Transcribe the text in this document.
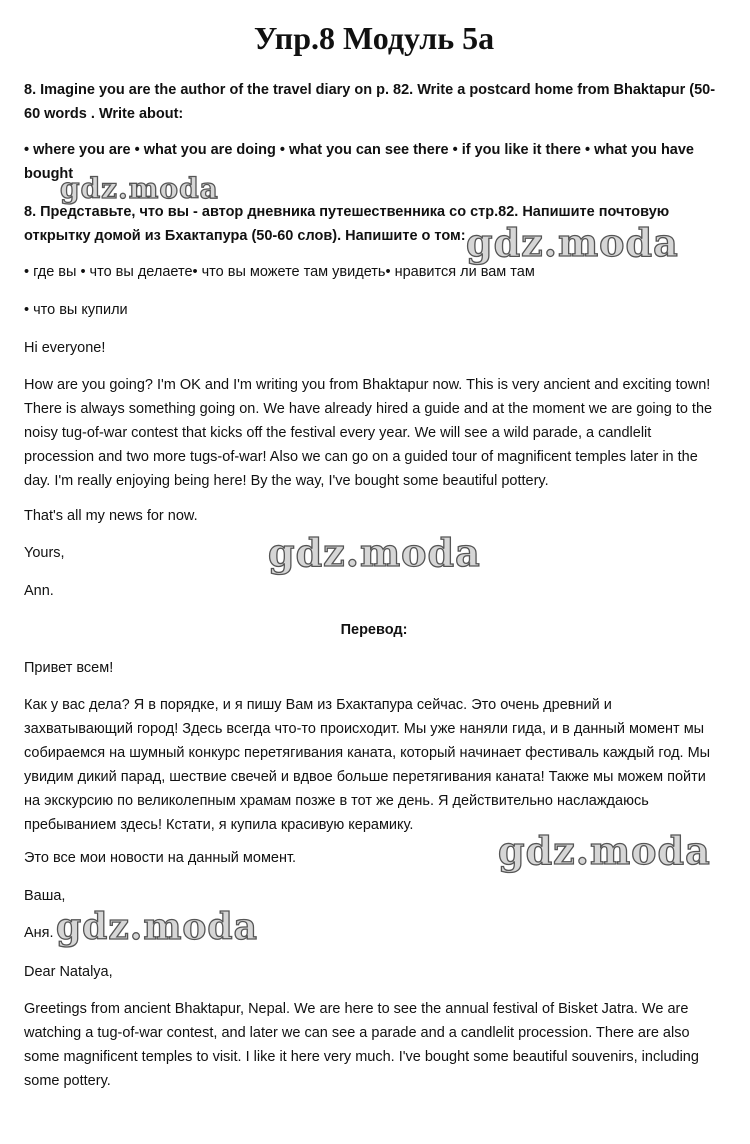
Упр.8 Модуль 5a

8. Imagine you are the author of the travel diary on p. 82. Write a postcard home from Bhaktapur (50-60 words . Write about:

• where you are • what you are doing • what you can see there • if you like it there • what you have bought

8. Представьте, что вы - автор дневника путешественника со стр.82. Напишите почтовую открытку домой из Бхактапура (50-60 слов). Напишите о том:

• где вы • что вы делаете• что вы можете там увидеть• нравится ли вам там

• что вы купили

Hi everyone!

How are you going? I'm OK and I'm writing you from Bhaktapur now. This is very ancient and exciting town! There is always something going on. We have already hired a guide and at the moment we are going to the noisy tug-of-war contest that kicks off the festival every year. We will see a wild parade, a candlelit procession and two more tugs-of-war! Also we can go on a guided tour of magnificent temples later in the day. I'm really enjoying being here! By the way, I've bought some beautiful pottery.

That's all my news for now.

Yours,

Ann.

Перевод:

Привет всем!

Как у вас дела? Я в порядке, и я пишу Вам из Бхактапура сейчас. Это очень древний и захватывающий город! Здесь всегда что-то происходит. Мы уже наняли гида, и в данный момент мы собираемся на шумный конкурс перетягивания каната, который начинает фестиваль каждый год. Мы увидим дикий парад, шествие свечей и вдвое больше перетягивания каната! Также мы можем пойти на экскурсию по великолепным храмам позже в тот же день. Я действительно наслаждаюсь пребыванием здесь! Кстати, я купила красивую керамику.

Это все мои новости на данный момент.

Ваша,

Аня.

Dear Natalya,

Greetings from ancient Bhaktapur, Nepal. We are here to see the annual festival of Bisket Jatra. We are watching a tug-of-war contest, and later we can see a parade and a candlelit procession. There are also some magnificent temples to visit. I like it here very much. I've bought some beautiful souvenirs, including some pottery.

gdz.moda
gdz.moda
gdz.moda
gdz.moda
gdz.moda
